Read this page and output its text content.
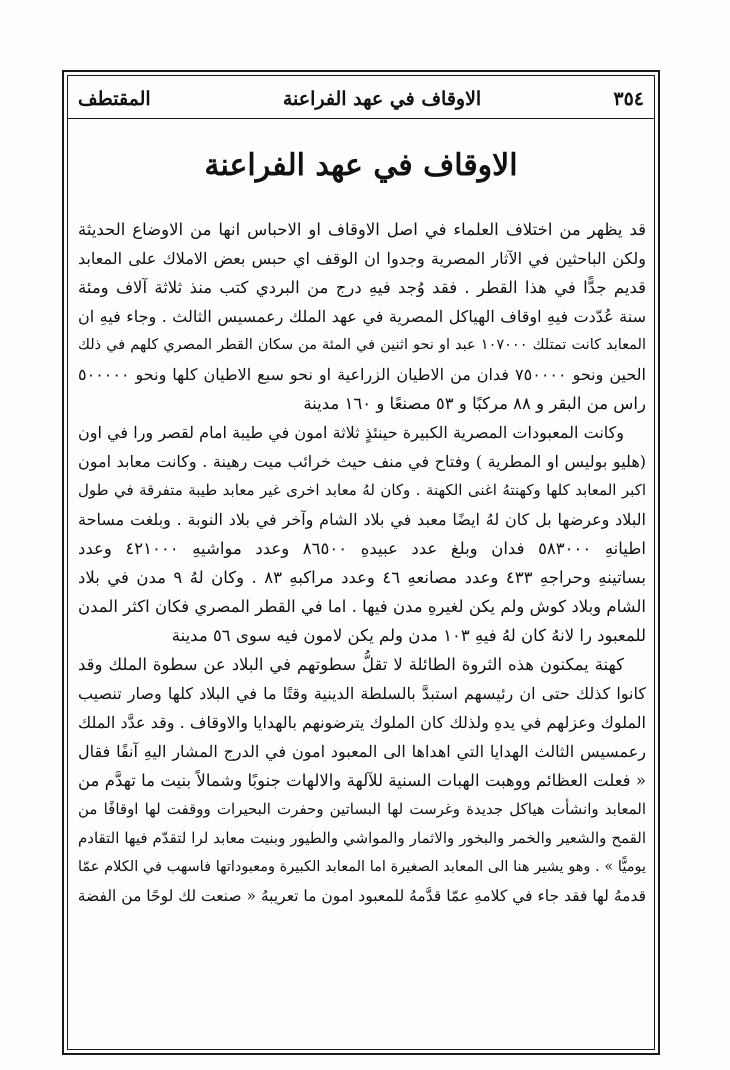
٣٥٤
الاوقاف في عهد الفراعنة
المقتطف
الاوقاف في عهد الفراعنة
قد يظهر من اختلاف العلماء في اصل الاوقاف او الاحباس انها من الاوضاع الحديثة
ولكن الباحثين في الآثار المصرية وجدوا ان الوقف اي حبس بعض الاملاك على المعابد
قديم جدًّا في هذا القطر . فقد وُجد فيهِ درج من البردي كتب منذ ثلاثة آلاف ومئة
سنة عُدّدت فيهِ اوقاف الهياكل المصرية في عهد الملك رعمسيس الثالث . وجاء فيهِ ان
المعابد كانت تمتلك ١٠٧٠٠٠ عبد او نحو اثنين في المئة من سكان القطر المصري كلهم في ذلك
الحين ونحو ٧٥٠٠٠٠ فدان من الاطيان الزراعية او نحو سبع الاطيان كلها ونحو ٥٠٠٠٠٠
راس من البقر و ٨٨ مركبًا و ٥٣ مصنعًا و ١٦٠ مدينة
وكانت المعبودات المصرية الكبيرة حينئذٍ ثلاثة امون في طيبة امام لقصر ورا في اون
(هليو بوليس او المطرية ) وفتاح في منف حيث خرائب ميت رهينة . وكانت معابد امون
اكبر المعابد كلها وكهنتهُ اغنى الكهنة . وكان لهُ معابد اخرى غير معابد طيبة متفرقة في طول
البلاد وعرضها بل كان لهُ ايضًا معبد في بلاد الشام وآخر في بلاد النوبة . وبلغت مساحة
اطيانهِ ٥٨٣٠٠٠ فدان وبلغ عدد عبيدهِ ٨٦٥٠٠ وعدد مواشيهِ ٤٢١٠٠٠ وعدد
بساتينهِ وحراجهِ ٤٣٣ وعدد مصانعهِ ٤٦ وعدد مراكبهِ ٨٣ . وكان لهُ ٩ مدن في بلاد
الشام وبلاد كوش ولم يكن لغيرهِ مدن فيها . اما في القطر المصري فكان اكثر المدن
للمعبود را لانهُ كان لهُ فيهِ ١٠٣ مدن ولم يكن لامون فيه سوى ٥٦ مدينة
كهنة يمكنون هذه الثروة الطائلة لا تقلُّ سطوتهم في البلاد عن سطوة الملك وقد
كانوا كذلك حتى ان رئيسهم استبدَّ بالسلطة الدينية وقتًا ما في البلاد كلها وصار تنصيب
الملوك وعزلهم في يدهِ ولذلك كان الملوك يترضونهم بالهدايا والاوقاف . وقد عدَّد الملك
رعمسيس الثالث الهدايا التي اهداها الى المعبود امون في الدرج المشار اليهِ آنفًا فقال
« فعلت العظائم ووهبت الهبات السنية للآلهة والالهات جنوبًا وشمالاً بنيت ما تهدَّم من
المعابد وانشأت هياكل جديدة وغرست لها البساتين وحفرت البحيرات ووقفت لها اوقافًا من
القمح والشعير والخمر والبخور والاثمار والمواشي والطيور وبنيت معابد لرا لتقدّم فيها التقادم
يوميًّا » . وهو يشير هنا الى المعابد الصغيرة اما المعابد الكبيرة ومعبوداتها فاسهب في الكلام عمّا
قدمهُ لها فقد جاء في كلامهِ عمّا قدَّمهُ للمعبود امون ما تعريبهُ « صنعت لك لوحًا من الفضة
